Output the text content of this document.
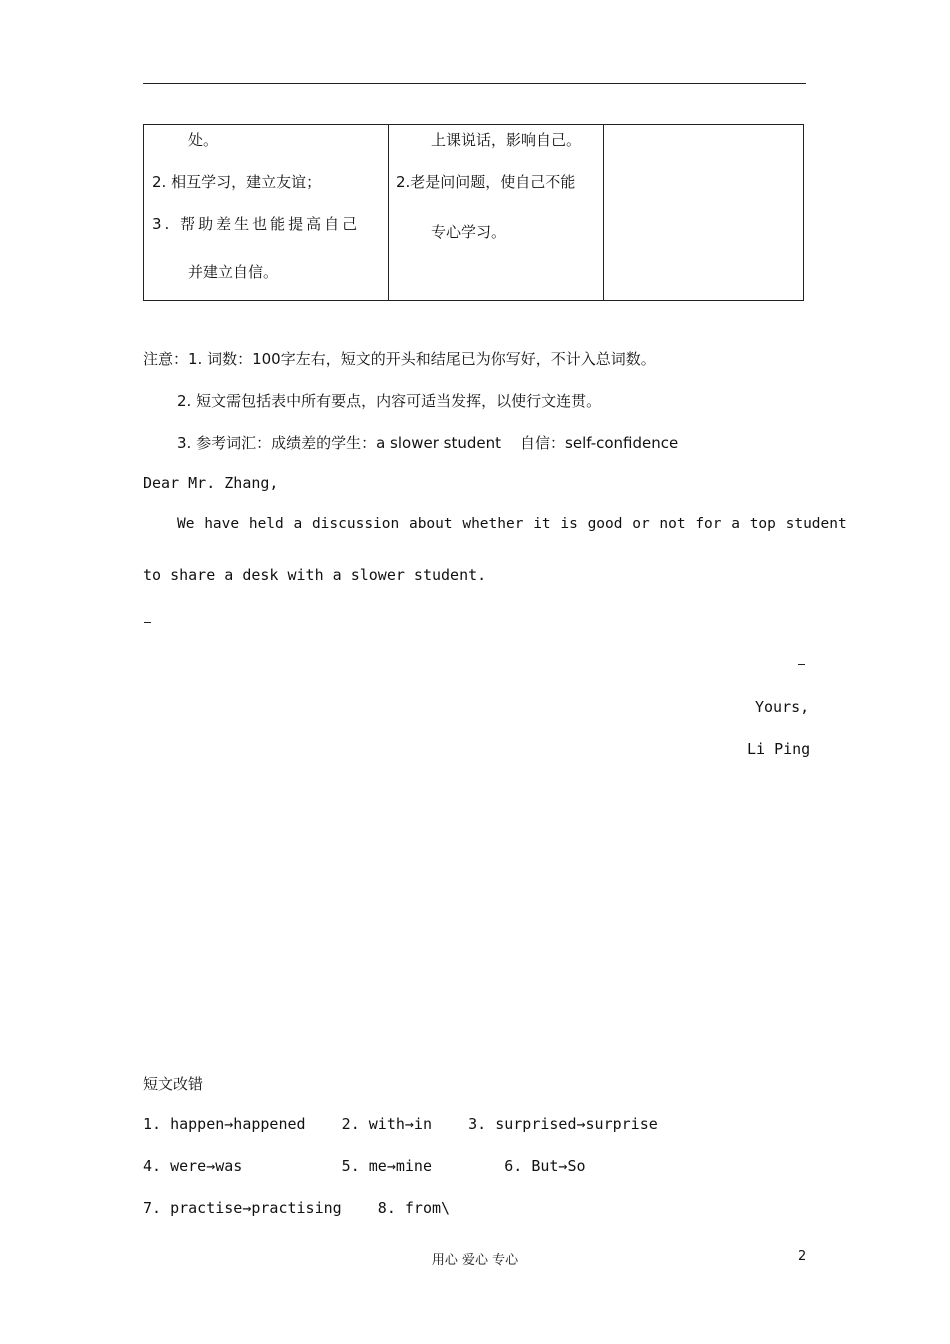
处。
2. 相互学习，建立友谊；
3. 帮助差生也能提高自己
并建立自信。
上课说话，影响自己。
2.老是问问题，使自己不能
专心学习。
注意：1. 词数：100字左右，短文的开头和结尾已为你写好，不计入总词数。
2. 短文需包括表中所有要点，内容可适当发挥，以使行文连贯。
3. 参考词汇：成绩差的学生：a slower student    自信：self-confidence
Dear Mr. Zhang,
We have held a discussion about whether it is good or not for a top student
to share a desk with a slower student.
Yours,
Li Ping
短文改错
1. happen→happened    2. with→in    3. surprised→surprise
4. were→was           5. me→mine        6. But→So
7. practise→practising    8. from\
用心 爱心 专心	2
